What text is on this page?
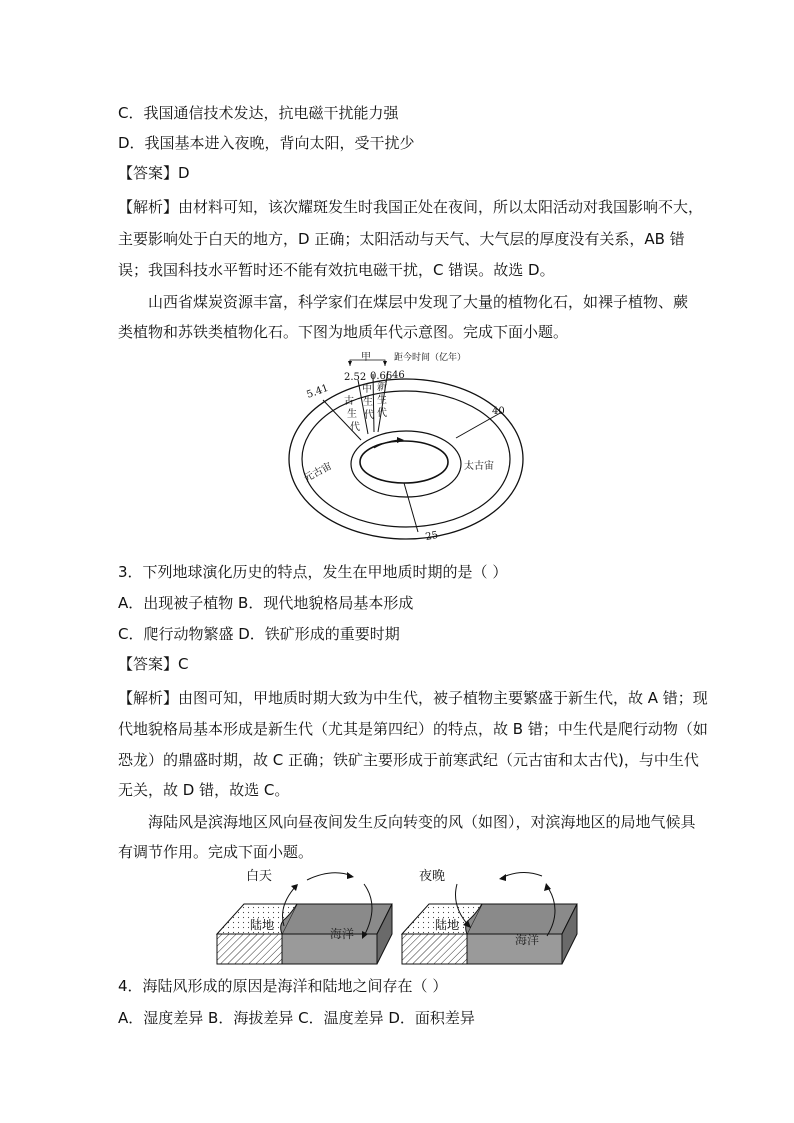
C．我国通信技术发达，抗电磁干扰能力强
D．我国基本进入夜晚，背向太阳，受干扰少
【答案】D
【解析】由材料可知，该次耀斑发生时我国正处在夜间，所以太阳活动对我国影响不大，
主要影响处于白天的地方，D 正确；太阳活动与天气、大气层的厚度没有关系，AB 错
误；我国科技水平暂时还不能有效抗电磁干扰，C 错误。故选 D。
山西省煤炭资源丰富，科学家们在煤层中发现了大量的植物化石，如裸子植物、蕨
类植物和苏铁类植物化石。下图为地质年代示意图。完成下面小题。
甲	距今时间（亿年）
5.41
2.52 0.66 46
40
25
古
生
代
中
生
代
新
生
代
元古宙	太古宙
3．下列地球演化历史的特点，发生在甲地质时期的是（ ）
A．出现被子植物 B．现代地貌格局基本形成
C．爬行动物繁盛 D．铁矿形成的重要时期
【答案】C
【解析】由图可知，甲地质时期大致为中生代，被子植物主要繁盛于新生代，故 A 错；现
代地貌格局基本形成是新生代（尤其是第四纪）的特点，故 B 错；中生代是爬行动物（如
恐龙）的鼎盛时期，故 C 正确；铁矿主要形成于前寒武纪（元古宙和太古代)，与中生代
无关，故 D 错，故选 C。
海陆风是滨海地区风向昼夜间发生反向转变的风（如图），对滨海地区的局地气候具
有调节作用。完成下面小题。
陆地
海洋
白天
陆地
海洋
夜晚
4．海陆风形成的原因是海洋和陆地之间存在（ ）
A．湿度差异 B．海拔差异 C．温度差异 D．面积差异
